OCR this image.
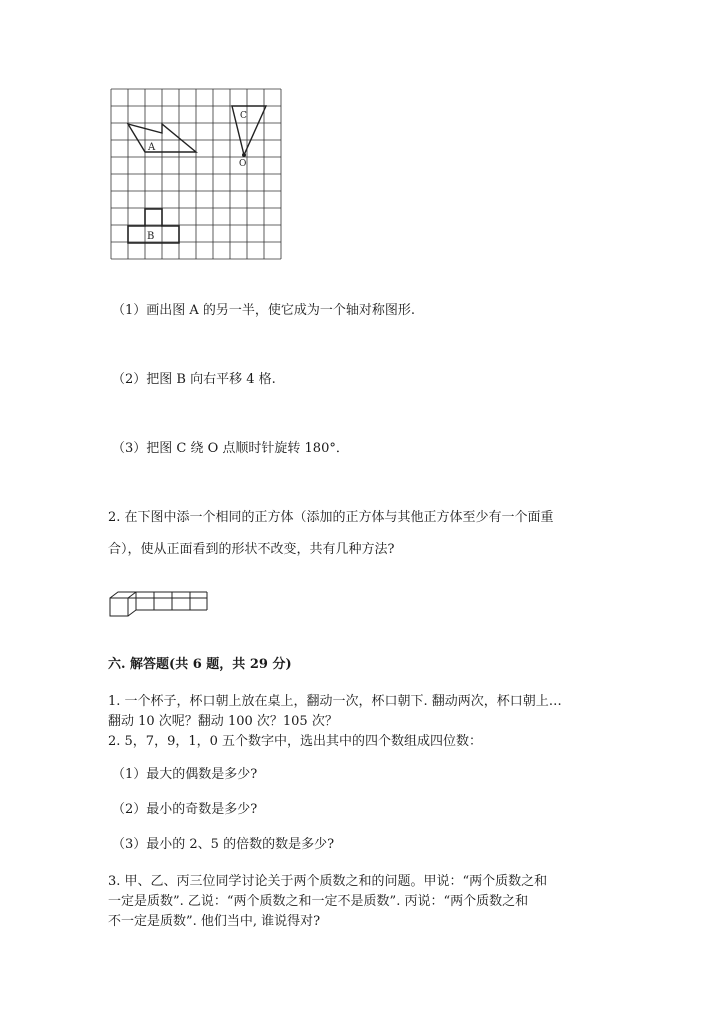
A
B
C
O
（1）画出图 A 的另一半，使它成为一个轴对称图形.
（2）把图 B 向右平移 4 格.
（3）把图 C 绕 O 点顺时针旋转 180°．
2. 在下图中添一个相同的正方体（添加的正方体与其他正方体至少有一个面重
合），使从正面看到的形状不改变，共有几种方法?
六. 解答题(共 6 题，共 29 分)
1. 一个杯子，杯口朝上放在桌上，翻动一次，杯口朝下. 翻动两次，杯口朝上…
翻动 10 次呢？翻动 100 次？105 次？
2. 5，7，9，1，0 五个数字中，选出其中的四个数组成四位数：
（1）最大的偶数是多少?
（2）最小的奇数是多少?
（3）最小的 2、5 的倍数的数是多少?
3. 甲、乙、丙三位同学讨论关于两个质数之和的问题。甲说：“两个质数之和
一定是质数”. 乙说：“两个质数之和一定不是质数”. 丙说：“两个质数之和
不一定是质数”. 他们当中, 谁说得对?
